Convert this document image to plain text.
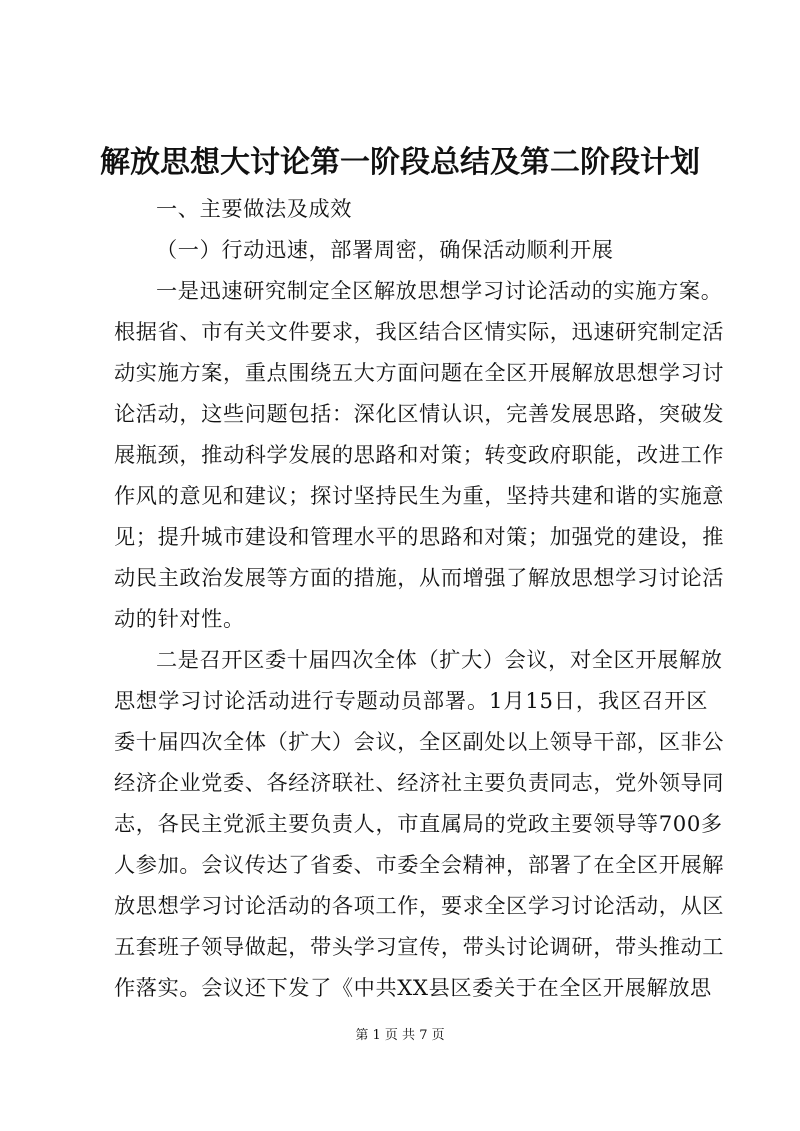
解放思想大讨论第一阶段总结及第二阶段计划
一、主要做法及成效
（一）行动迅速，部署周密，确保活动顺利开展
一是迅速研究制定全区解放思想学习讨论活动的实施方案。
根据省、市有关文件要求，我区结合区情实际，迅速研究制定活
动实施方案，重点围绕五大方面问题在全区开展解放思想学习讨
论活动，这些问题包括：深化区情认识，完善发展思路，突破发
展瓶颈，推动科学发展的思路和对策；转变政府职能，改进工作
作风的意见和建议；探讨坚持民生为重，坚持共建和谐的实施意
见；提升城市建设和管理水平的思路和对策；加强党的建设，推
动民主政治发展等方面的措施，从而增强了解放思想学习讨论活
动的针对性。
二是召开区委十届四次全体（扩大）会议，对全区开展解放
思想学习讨论活动进行专题动员部署。1月15日，我区召开区
委十届四次全体（扩大）会议，全区副处以上领导干部，区非公
经济企业党委、各经济联社、经济社主要负责同志，党外领导同
志，各民主党派主要负责人，市直属局的党政主要领导等700多
人参加。会议传达了省委、市委全会精神，部署了在全区开展解
放思想学习讨论活动的各项工作，要求全区学习讨论活动，从区
五套班子领导做起，带头学习宣传，带头讨论调研，带头推动工
作落实。会议还下发了《中共XX县区委关于在全区开展解放思
第 1 页 共 7 页
